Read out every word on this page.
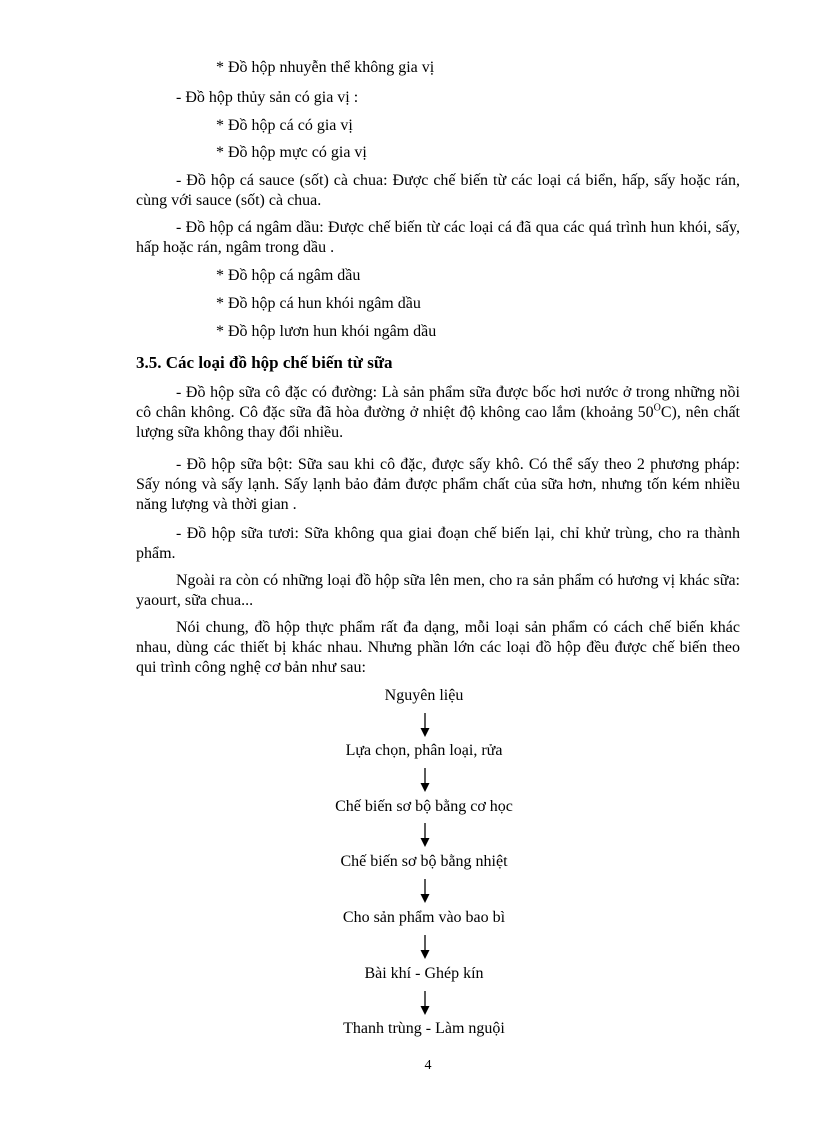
* Đồ hộp nhuyễn thể không gia vị
- Đồ hộp thủy sản có gia vị :
* Đồ hộp cá có gia vị
* Đồ hộp mực có gia vị
- Đồ hộp cá sauce (sốt) cà chua: Được chế biến từ các loại cá biển, hấp, sấy hoặc rán, cùng với sauce (sốt) cà chua.
- Đồ hộp cá ngâm dầu: Được chế biến từ các loại cá đã qua các quá trình hun khói, sấy, hấp hoặc rán, ngâm trong dầu .
* Đồ hộp cá ngâm dầu
* Đồ hộp cá hun khói ngâm dầu
* Đồ hộp lươn hun khói ngâm dầu
3.5. Các loại đồ hộp chế biến từ sữa
- Đồ hộp sữa cô đặc có đường: Là sản phẩm sữa được bốc hơi nước ở trong những nồi cô chân không. Cô đặc sữa đã hòa đường ở nhiệt độ không cao lắm (khoảng $50^OC$), nên chất lượng sữa không thay đổi nhiều.
- Đồ hộp sữa bột: Sữa sau khi cô đặc, được sấy khô. Có thể sấy theo 2 phương pháp: Sấy nóng và sấy lạnh. Sấy lạnh bảo đảm được phẩm chất của sữa hơn, nhưng tốn kém nhiều năng lượng và thời gian .
- Đồ hộp sữa tươi: Sữa không qua giai đoạn chế biến lại, chỉ khử trùng, cho ra thành phẩm.
Ngoài ra còn có những loại đồ hộp sữa lên men, cho ra sản phẩm có hương vị khác sữa: yaourt, sữa chua...
Nói chung, đồ hộp thực phẩm rất đa dạng, mỗi loại sản phẩm có cách chế biến khác nhau, dùng các thiết bị khác nhau. Nhưng phần lớn các loại đồ hộp đều được chế biến theo qui trình công nghệ cơ bản như sau:
Nguyên liệu
Lựa chọn, phân loại, rửa
Chế biến sơ bộ bằng cơ học
Chế biến sơ bộ bằng nhiệt
Cho sản phẩm vào bao bì
Bài khí - Ghép kín
Thanh trùng - Làm nguội
4
